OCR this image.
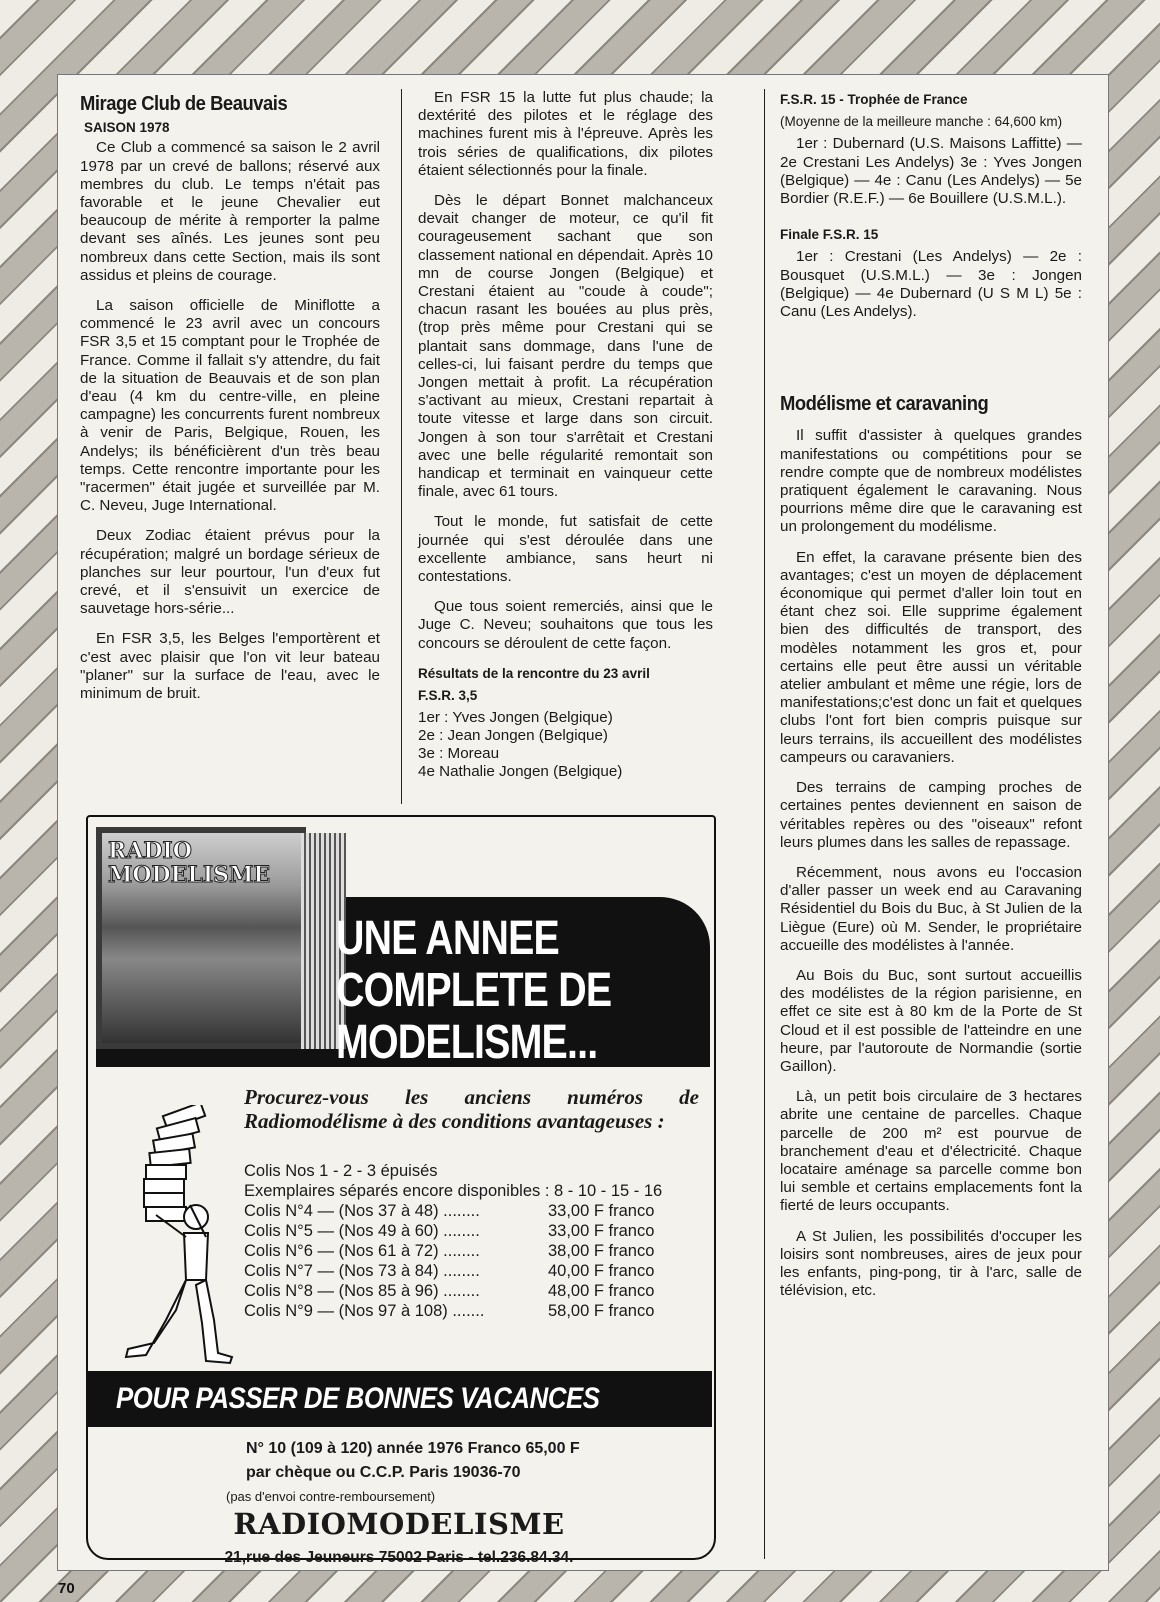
Mirage Club de Beauvais
SAISON 1978

Ce Club a commencé sa saison le 2 avril 1978 par un crevé de ballons; réservé aux membres du club. Le temps n'était pas favorable et le jeune Chevalier eut beaucoup de mérite à remporter la palme devant ses aînés. Les jeunes sont peu nombreux dans cette Section, mais ils sont assidus et pleins de courage.

La saison officielle de Miniflotte a commencé le 23 avril avec un concours FSR 3,5 et 15 comptant pour le Trophée de France. Comme il fallait s'y attendre, du fait de la situation de Beauvais et de son plan d'eau (4 km du centre-ville, en pleine campagne) les concurrents furent nombreux à venir de Paris, Belgique, Rouen, les Andelys; ils bénéficièrent d'un très beau temps. Cette rencontre importante pour les "racermen" était jugée et surveillée par M. C. Neveu, Juge International.

Deux Zodiac étaient prévus pour la récupération; malgré un bordage sérieux de planches sur leur pourtour, l'un d'eux fut crevé, et il s'ensuivit un exercice de sauvetage hors-série...

En FSR 3,5, les Belges l'emportèrent et c'est avec plaisir que l'on vit leur bateau "planer" sur la surface de l'eau, avec le minimum de bruit.

En FSR 15 la lutte fut plus chaude; la dextérité des pilotes et le réglage des machines furent mis à l'épreuve. Après les trois séries de qualifications, dix pilotes étaient sélectionnés pour la finale.

Dès le départ Bonnet malchanceux devait changer de moteur, ce qu'il fit courageusement sachant que son classement national en dépendait. Après 10 mn de course Jongen (Belgique) et Crestani étaient au "coude à coude"; chacun rasant les bouées au plus près,(trop près même pour Crestani qui se plantait sans dommage, dans l'une de celles-ci, lui faisant perdre du temps que Jongen mettait à profit. La récupération s'activant au mieux, Crestani repartait à toute vitesse et large dans son circuit. Jongen à son tour s'arrêtait et Crestani avec une belle régularité remontait son handicap et terminait en vainqueur cette finale, avec 61 tours.

Tout le monde, fut satisfait de cette journée qui s'est déroulée dans une excellente ambiance, sans heurt ni contestations.

Que tous soient remerciés, ainsi que le Juge C. Neveu; souhaitons que tous les concours se déroulent de cette façon.

Résultats de la rencontre du 23 avril
F.S.R. 3,5
1er : Yves Jongen (Belgique)
2e : Jean Jongen (Belgique)
3e : Moreau
4e Nathalie Jongen (Belgique)
F.S.R. 15 - Trophée de France

(Moyenne de la meilleure manche : 64,600 km)

1er : Dubernard (U.S. Maisons Laffitte) — 2e Crestani Les Andelys) 3e : Yves Jongen (Belgique) — 4e : Canu (Les Andelys) — 5e Bordier (R.E.F.) — 6e Bouillere (U.S.M.L.).

Finale F.S.R. 15

1er : Crestani (Les Andelys) — 2e : Bousquet (U.S.M.L.) — 3e : Jongen (Belgique) — 4e Dubernard (U S M L) 5e : Canu (Les Andelys).

Modélisme et caravaning

Il suffit d'assister à quelques grandes manifestations ou compétitions pour se rendre compte que de nombreux modélistes pratiquent également le caravaning. Nous pourrions même dire que le caravaning est un prolongement du modélisme.

En effet, la caravane présente bien des avantages; c'est un moyen de déplacement économique qui permet d'aller loin tout en étant chez soi. Elle supprime également bien des difficultés de transport, des modèles notamment les gros et, pour certains elle peut être aussi un véritable atelier ambulant et même une régie, lors de manifestations;c'est donc un fait et quelques clubs l'ont fort bien compris puisque sur leurs terrains, ils accueillent des modélistes campeurs ou caravaniers.

Des terrains de camping proches de certaines pentes deviennent en saison de véritables repères ou des "oiseaux" refont leurs plumes dans les salles de repassage.

Récemment, nous avons eu l'occasion d'aller passer un week end au Caravaning Résidentiel du Bois du Buc, à St Julien de la Liègue (Eure) où M. Sender, le propriétaire accueille des modélistes à l'année.

Au Bois du Buc, sont surtout accueillis des modélistes de la région parisienne, en effet ce site est à 80 km de la Porte de St Cloud et il est possible de l'atteindre en une heure, par l'autoroute de Normandie (sortie Gaillon).

Là, un petit bois circulaire de 3 hectares abrite une centaine de parcelles. Chaque parcelle de 200 m² est pourvue de branchement d'eau et d'électricité. Chaque locataire aménage sa parcelle comme bon lui semble et certains emplacements font la fierté de leurs occupants.

A St Julien, les possibilités d'occuper les loisirs sont nombreuses, aires de jeux pour les enfants, ping-pong, tir à l'arc, salle de télévision, etc.

RADIO MODELISME
UNE ANNEE COMPLETE DE MODELISME...
Procurez-vous les anciens numéros de Radiomodélisme à des conditions avantageuses :
Colis Nos 1 - 2 - 3 épuisés
Exemplaires séparés encore disponibles : 8 - 10 - 15 - 16
Colis N°4 — (Nos 37 à 48) ........	33,00 F franco
Colis N°5 — (Nos 49 à 60) ........	33,00 F franco
Colis N°6 — (Nos 61 à 72) ........	38,00 F franco
Colis N°7 — (Nos 73 à 84) ........	40,00 F franco
Colis N°8 — (Nos 85 à 96) ........	48,00 F franco
Colis N°9 — (Nos 97 à 108) .......	58,00 F franco
POUR PASSER DE BONNES VACANCES
N° 10 (109 à 120) année 1976 Franco 65,00 F
par chèque ou C.C.P. Paris 19036-70
(pas d'envoi contre-remboursement)
RADIOMODELISME
21,rue des Jeuneurs 75002 Paris - tel.236.84.34.
70
